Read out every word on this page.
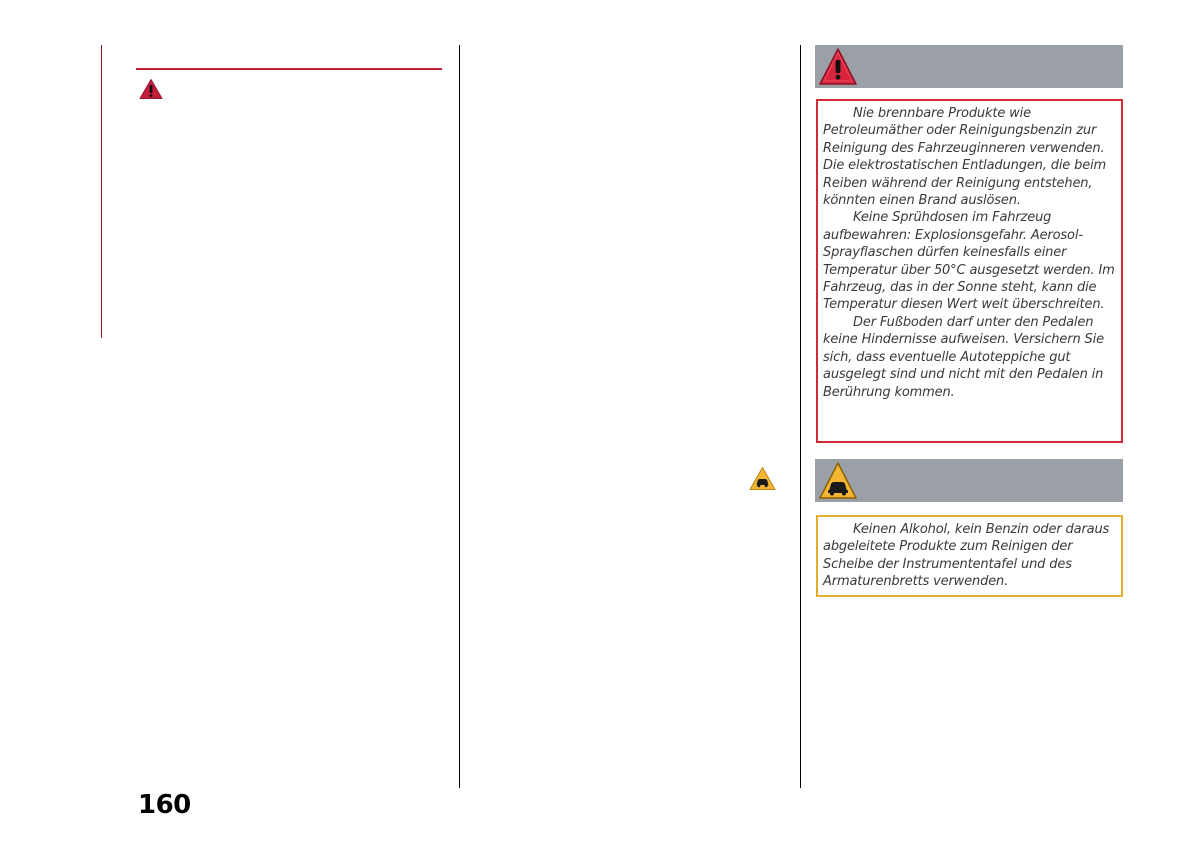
Nie brennbare Produkte wie Petroleumäther oder Reinigungsbenzin zur Reinigung des Fahrzeuginneren verwenden. Die elektrostatischen Entladungen, die beim Reiben während der Reinigung entstehen, könnten einen Brand auslösen.

Keine Sprühdosen im Fahrzeug aufbewahren: Explosionsgefahr. Aerosol-Sprayflaschen dürfen keinesfalls einer Temperatur über 50°C ausgesetzt werden. Im Fahrzeug, das in der Sonne steht, kann die Temperatur diesen Wert weit überschreiten.

Der Fußboden darf unter den Pedalen keine Hindernisse aufweisen. Versichern Sie sich, dass eventuelle Autoteppiche gut ausgelegt sind und nicht mit den Pedalen in Berührung kommen.

Keinen Alkohol, kein Benzin oder daraus abgeleitete Produkte zum Reinigen der Scheibe der Instrumententafel und des Armaturenbretts verwenden.

160
